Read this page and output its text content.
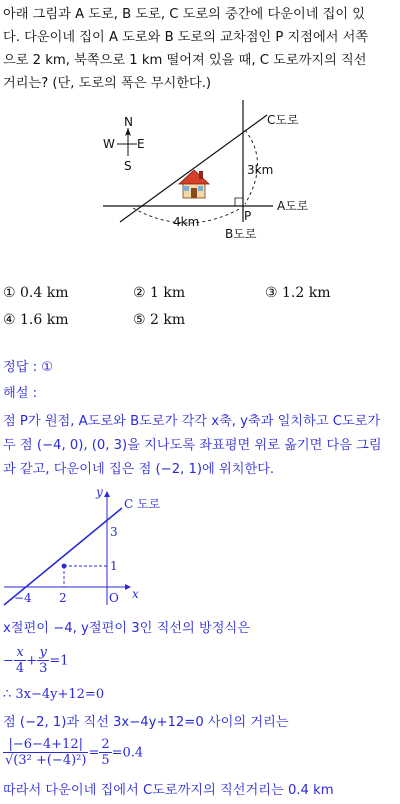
아래 그림과 A 도로, B 도로, C 도로의 중간에 다운이네 집이 있
다. 다운이네 집이 A 도로와 B 도로의 교차점인 P 지점에서 서쪽
으로 2 km, 북쪽으로 1 km 떨어져 있을 때, C 도로까지의 직선
거리는? (단, 도로의 폭은 무시한다.)
N
S
W E
C도로
3km
A도로
P
4km
B도로
① 0.4 km	② 1 km	③ 1.2 km
④ 1.6 km	⑤ 2 km
정답 : ①
해설 :
점 P가 원점, A도로와 B도로가 각각 x축, y축과 일치하고 C도로가
두 점 (−4, 0), (0, 3)을 지나도록 좌표평면 위로 옮기면 다음 그림
과 같고, 다운이네 집은 점 (−2, 1)에 위치한다.
y
x
C 도로
3
1
−4 2	O
x절편이 −4, y절편이 3인 직선의 방정식은
− $\frac{x}{4} + \frac{y}{3} =1$
∴ 3x−4y+12=0
점 (−2, 1)과 직선 3x−4y+12=0 사이의 거리는
$\frac{|-6-4+12|}{\text{√(3² +(−4)²)}} = \frac{2}{5} =0.4$
따라서 다운이네 집에서 C도로까지의 직선거리는 0.4 km
